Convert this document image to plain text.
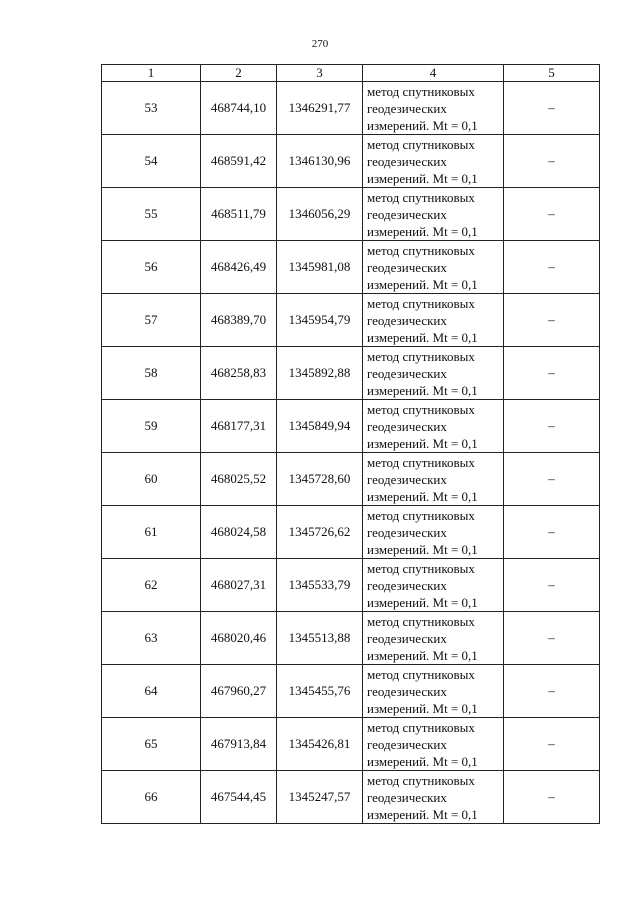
270
1	2	3	4	5
53	468744,10	1346291,77	метод спутниковых
геодезических
измерений. Mt = 0,1	–
54	468591,42	1346130,96	метод спутниковых
геодезических
измерений. Mt = 0,1	–
55	468511,79	1346056,29	метод спутниковых
геодезических
измерений. Mt = 0,1	–
56	468426,49	1345981,08	метод спутниковых
геодезических
измерений. Mt = 0,1	–
57	468389,70	1345954,79	метод спутниковых
геодезических
измерений. Mt = 0,1	–
58	468258,83	1345892,88	метод спутниковых
геодезических
измерений. Mt = 0,1	–
59	468177,31	1345849,94	метод спутниковых
геодезических
измерений. Mt = 0,1	–
60	468025,52	1345728,60	метод спутниковых
геодезических
измерений. Mt = 0,1	–
61	468024,58	1345726,62	метод спутниковых
геодезических
измерений. Mt = 0,1	–
62	468027,31	1345533,79	метод спутниковых
геодезических
измерений. Mt = 0,1	–
63	468020,46	1345513,88	метод спутниковых
геодезических
измерений. Mt = 0,1	–
64	467960,27	1345455,76	метод спутниковых
геодезических
измерений. Mt = 0,1	–
65	467913,84	1345426,81	метод спутниковых
геодезических
измерений. Mt = 0,1	–
66	467544,45	1345247,57	метод спутниковых
геодезических
измерений. Mt = 0,1	–
